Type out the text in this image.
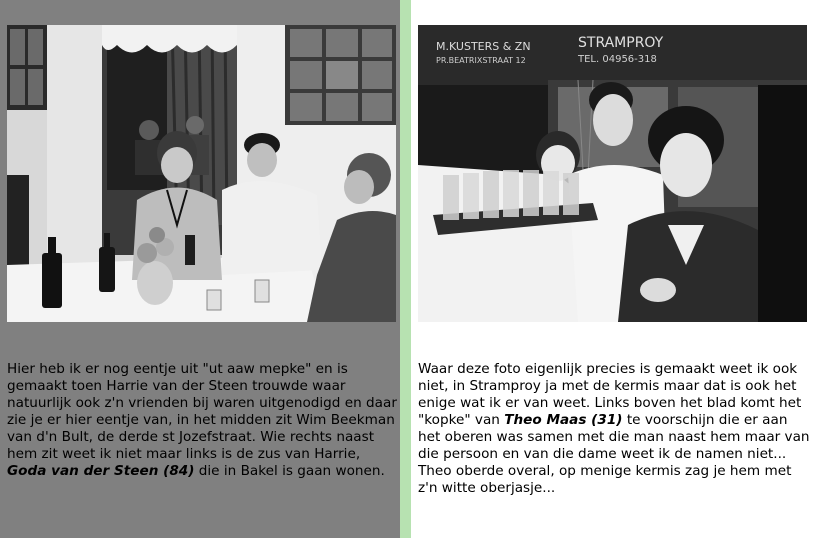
Hier heb ik er nog eentje uit "ut aaw mepke" en is gemaakt toen Harrie van der Steen trouwde waar natuurlijk ook z'n vrienden bij waren uitgenodigd en daar zie je er hier eentje van, in het midden zit Wim Beekman van d'n Bult, de derde st Jozefstraat. Wie rechts naast hem zit weet ik niet maar links is de zus van Harrie, Goda van der Steen (84) die in Bakel is gaan wonen.
M.KUSTERS & ZN
PR.BEATRIXSTRAAT 12
STRAMPROY
TEL. 04956-318
Waar deze foto eigenlijk precies is gemaakt weet ik ook niet, in Stramproy ja met de kermis maar dat is ook het enige wat ik er van weet. Links boven het blad komt het "kopke" van Theo Maas (31) te voorschijn die er aan het oberen was samen met die man naast hem maar van die persoon en van die dame weet ik de namen niet... Theo oberde overal, op menige kermis zag je hem met z'n witte oberjasje...
